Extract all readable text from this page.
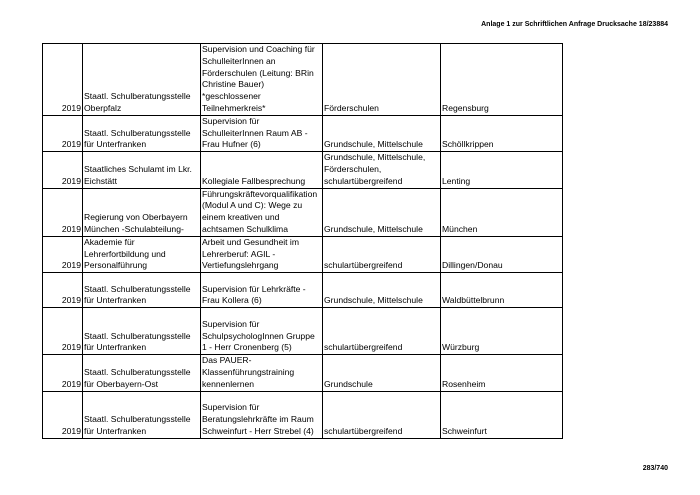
Anlage 1 zur Schriftlichen Anfrage Drucksache 18/23884
2019	Staatl. Schulberatungsstelle Oberpfalz	Supervision und Coaching für SchulleiterInnen an Förderschulen (Leitung: BRin Christine Bauer) *geschlossener Teilnehmerkreis*	Förderschulen	Regensburg
2019	Staatl. Schulberatungsstelle für Unterfranken	Supervision für SchulleiterInnen Raum AB - Frau Hufner (6)	Grundschule, Mittelschule	Schöllkrippen
2019	Staatliches Schulamt im Lkr. Eichstätt	Kollegiale Fallbesprechung	Grundschule, Mittelschule, Förderschulen, schulartübergreifend	Lenting
2019	Regierung von Oberbayern München -Schulabteilung-	Führungskräftevorqualifikation (Modul A und C): Wege zu einem kreativen und achtsamen Schulklima	Grundschule, Mittelschule	München
2019	Akademie für Lehrerfortbildung und Personalführung	Arbeit und Gesundheit im Lehrerberuf: AGIL - Vertiefungslehrgang	schulartübergreifend	Dillingen/Donau
2019	Staatl. Schulberatungsstelle für Unterfranken	Supervision für Lehrkräfte - Frau Kollera (6)	Grundschule, Mittelschule	Waldbüttelbrunn
2019	Staatl. Schulberatungsstelle für Unterfranken	Supervision für SchulpsychologInnen Gruppe 1 - Herr Cronenberg (5)	schulartübergreifend	Würzburg
2019	Staatl. Schulberatungsstelle für Oberbayern-Ost	Das PAUER-Klassenführungstraining kennenlernen	Grundschule	Rosenheim
2019	Staatl. Schulberatungsstelle für Unterfranken	Supervision für Beratungslehrkräfte im Raum Schweinfurt - Herr Strebel (4)	schulartübergreifend	Schweinfurt
283/740
